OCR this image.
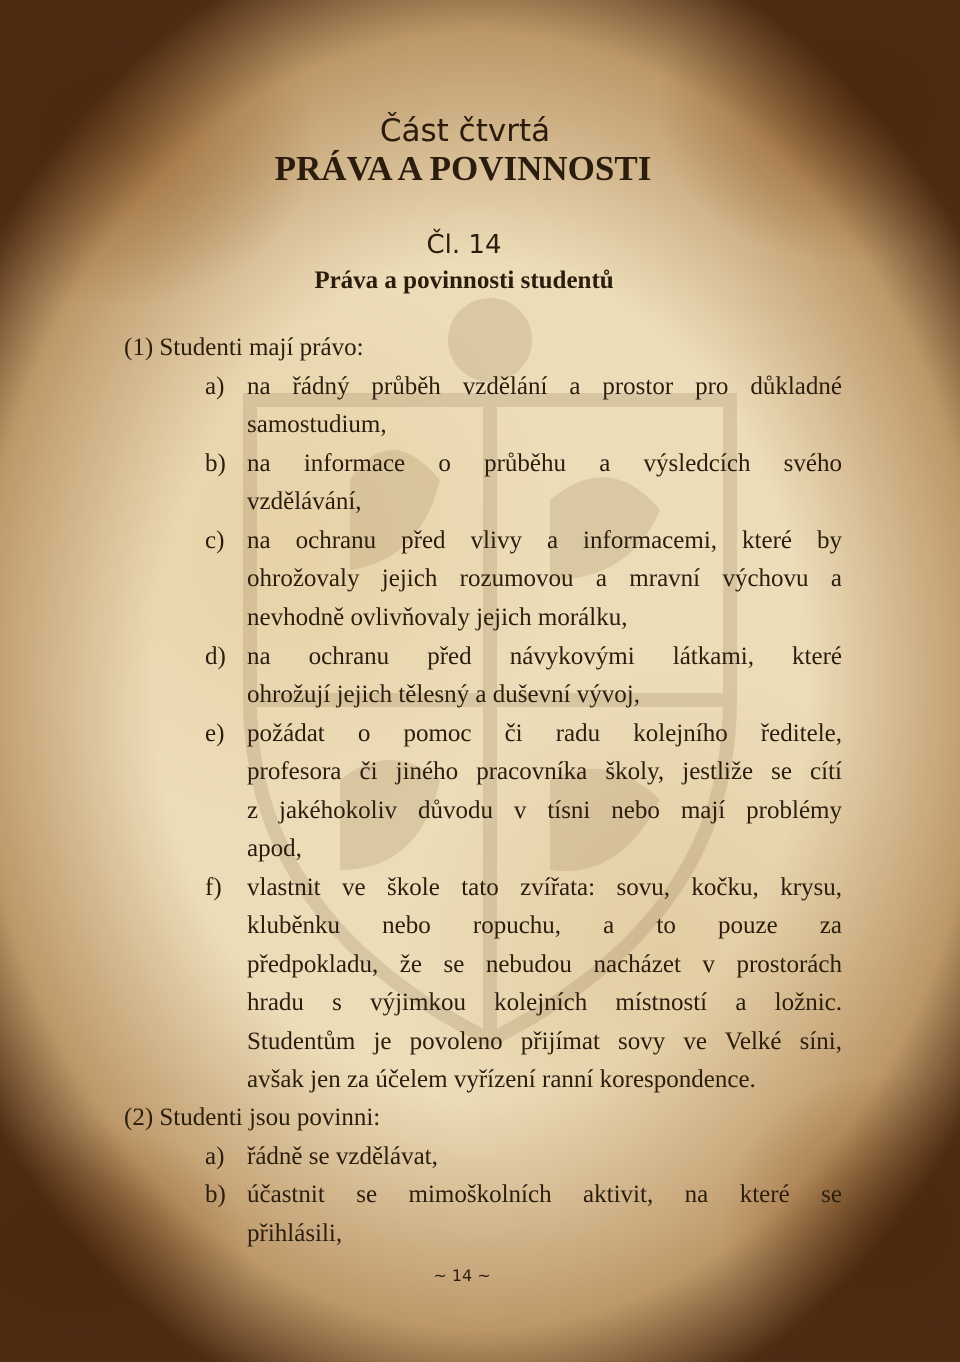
Část čtvrtá
PRÁVA A POVINNOSTI
Čl. 14
Práva a povinnosti studentů
(1) Studenti mají právo:
a) na řádný průběh vzdělání a prostor pro důkladné
samostudium,
b) na informace o průběhu a výsledcích svého
vzdělávání,
c) na ochranu před vlivy a informacemi, které by
ohrožovaly jejich rozumovou a mravní výchovu a
nevhodně ovlivňovaly jejich morálku,
d) na ochranu před návykovými látkami, které
ohrožují jejich tělesný a duševní vývoj,
e) požádat o pomoc či radu kolejního ředitele,
profesora či jiného pracovníka školy, jestliže se cítí
z jakéhokoliv důvodu v tísni nebo mají problémy
apod,
f) vlastnit ve škole tato zvířata: sovu, kočku, krysu,
kluběnku nebo ropuchu, a to pouze za
předpokladu, že se nebudou nacházet v prostorách
hradu s výjimkou kolejních místností a ložnic.
Studentům je povoleno přijímat sovy ve Velké síni,
avšak jen za účelem vyřízení ranní korespondence.
(2) Studenti jsou povinni:
a) řádně se vzdělávat,
b) účastnit se mimoškolních aktivit, na které se
přihlásili,
~ 14 ~
